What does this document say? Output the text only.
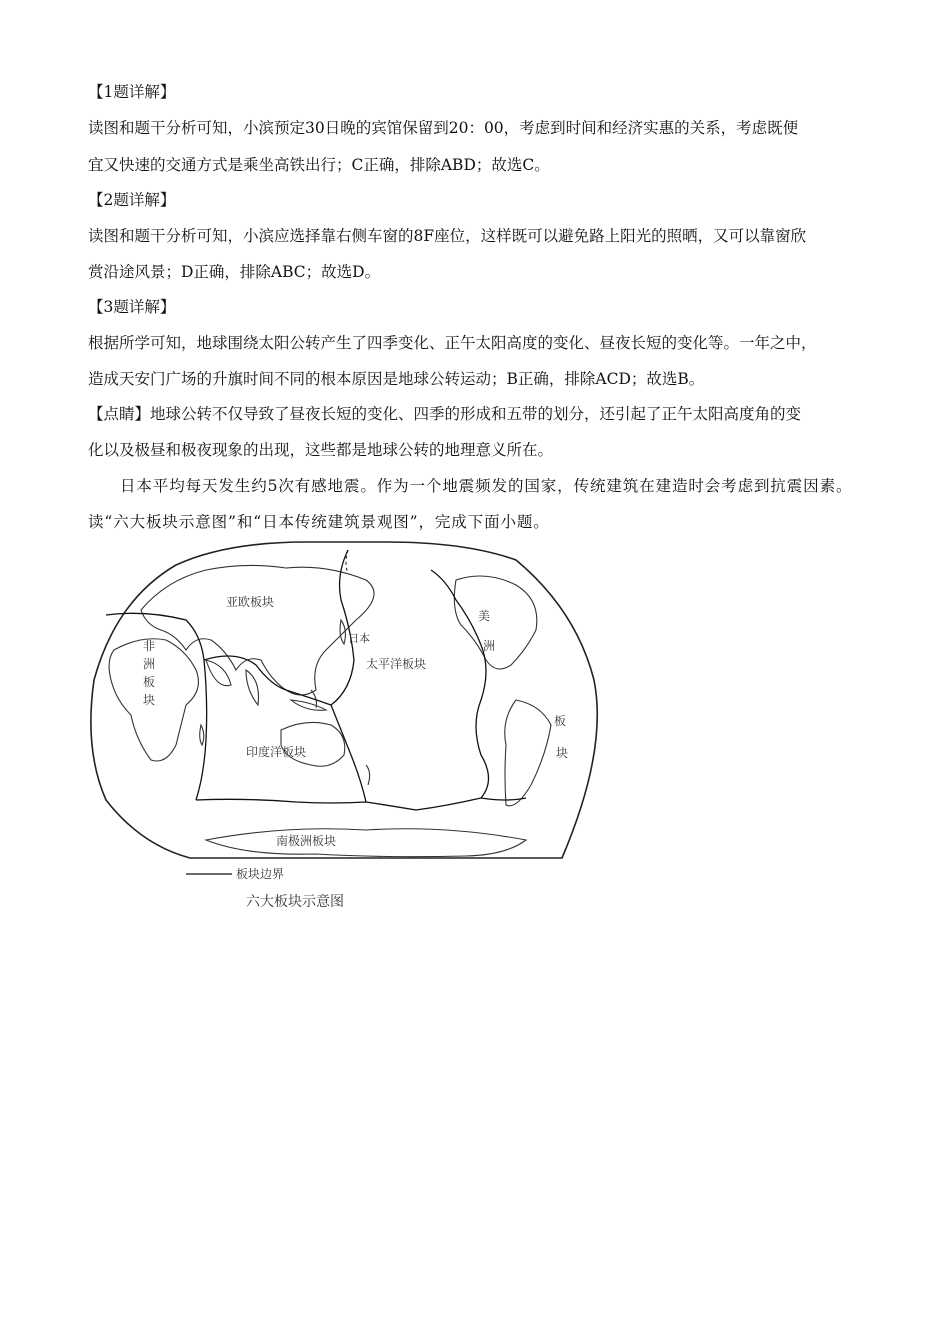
【1题详解】
读图和题干分析可知，小滨预定30日晚的宾馆保留到20：00，考虑到时间和经济实惠的关系，考虑既便
宜又快速的交通方式是乘坐高铁出行；C正确，排除ABD；故选C。
【2题详解】
读图和题干分析可知，小滨应选择靠右侧车窗的8F座位，这样既可以避免路上阳光的照晒，又可以靠窗欣
赏沿途风景；D正确，排除ABC；故选D。
【3题详解】
根据所学可知，地球围绕太阳公转产生了四季变化、正午太阳高度的变化、昼夜长短的变化等。一年之中，
造成天安门广场的升旗时间不同的根本原因是地球公转运动；B正确，排除ACD；故选B。
【点睛】地球公转不仅导致了昼夜长短的变化、四季的形成和五带的划分，还引起了正午太阳高度角的变
化以及极昼和极夜现象的出现，这些都是地球公转的地理意义所在。
日本平均每天发生约5次有感地震。作为一个地震频发的国家，传统建筑在建造时会考虑到抗震因素。
读“六大板块示意图”和“日本传统建筑景观图”，完成下面小题。
亚欧板块
日本
太平洋板块
美
洲
板
块
非
洲
板
块
印度洋板块
南极洲板块
板块边界
六大板块示意图
